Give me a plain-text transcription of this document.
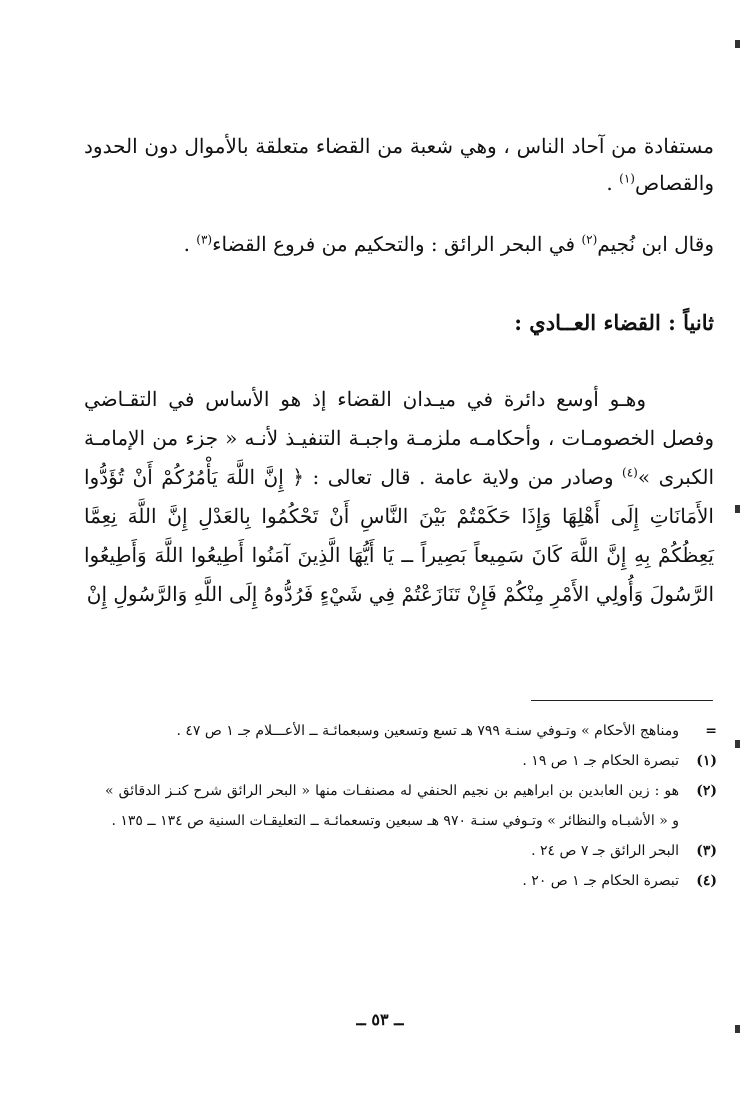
مستفادة من آحاد الناس ، وهي شعبة من القضاء متعلقة بالأموال دون الحدود والقصاص$^{(١)}$ .
وقال ابن نُجيم$^{(٢)}$ في البحر الرائق : والتحكيم من فروع القضاء$^{(٣)}$ .
ثانياً : القضاء العــادي :
وهـو أوسع دائرة في ميـدان القضاء إذ هو الأساس في التقـاضي وفصل الخصومـات ، وأحكامـه ملزمـة واجبـة التنفيـذ لأنـه « جزء من الإمامـة الكبرى »$^{(٤)}$ وصادر من ولاية عامة . قال تعالى : ﴿ إِنَّ اللَّهَ يَأْمُرُكُمْ أَنْ تُؤَدُّوا الأَمَانَاتِ إِلَى أَهْلِهَا وَإِذَا حَكَمْتُمْ بَيْنَ النَّاسِ أَنْ تَحْكُمُوا بِالعَدْلِ إِنَّ اللَّهَ نِعِمَّا يَعِظُكُمْ بِهِ إِنَّ اللَّهَ كَانَ سَمِيعاً بَصِيراً ــ يَا أَيُّهَا الَّذِينَ آمَنُوا أَطِيعُوا اللَّهَ وَأَطِيعُوا الرَّسُولَ وَأُولِي الأَمْرِ مِنْكُمْ فَإِنْ تَنَازَعْتُمْ فِي شَيْءٍ فَرُدُّوهُ إِلَى اللَّهِ وَالرَّسُولِ إِنْ
=
ومناهج الأحكام » وتـوفي سنـة ٧٩٩ هـ تسع وتسعين وسبعمائـة ــ الأعـــلام جـ ١ ص ٤٧ .
(١)
تبصرة الحكام جـ ١ ص ١٩ .
(٢)
هو : زين العابدين بن ابراهيم بن نجيم الحنفي له مصنفـات منها « البحر الرائق شرح كنـز الدقائق » و « الأشبـاه والنظائر » وتـوفي سنـة ٩٧٠ هـ سبعين وتسعمائـة ــ التعليقـات السنية ص ١٣٤ ــ ١٣٥ .
(٣)
البحر الرائق جـ ٧ ص ٢٤ .
(٤)
تبصرة الحكام جـ ١ ص ٢٠ .
ــ ٥٣ ــ
